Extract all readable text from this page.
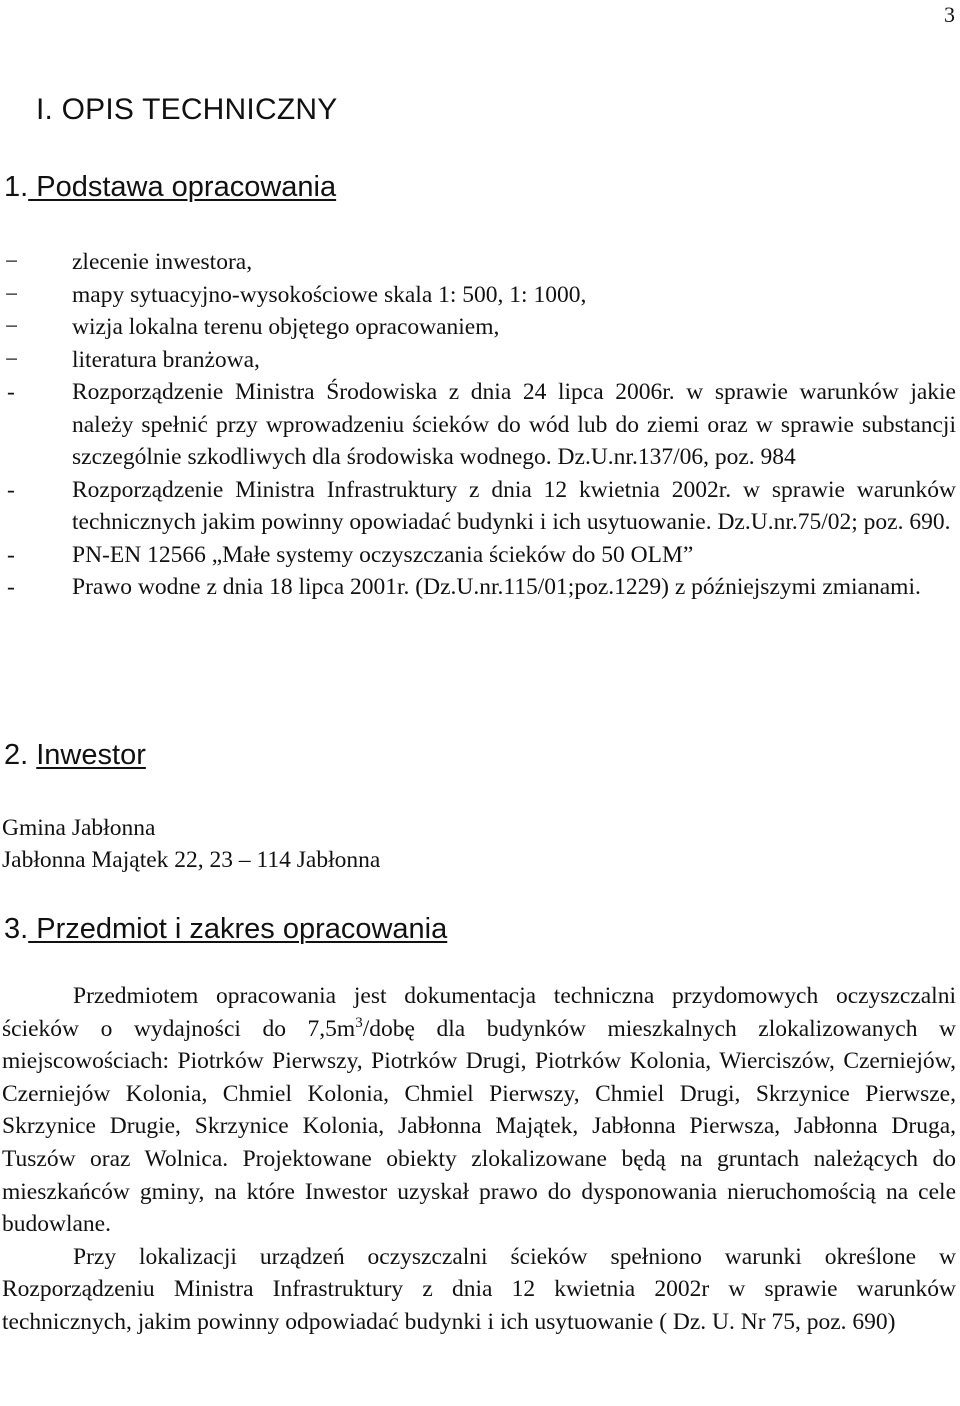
3
I. OPIS TECHNICZNY
1. Podstawa opracowania
− zlecenie inwestora,
− mapy sytuacyjno-wysokościowe skala 1: 500, 1: 1000,
− wizja lokalna terenu objętego opracowaniem,
− literatura branżowa,
- Rozporządzenie Ministra Środowiska z dnia 24 lipca 2006r. w sprawie warunków jakie należy spełnić przy wprowadzeniu ścieków do wód lub do ziemi oraz w sprawie substancji szczególnie szkodliwych dla środowiska wodnego. Dz.U.nr.137/06, poz. 984
- Rozporządzenie Ministra Infrastruktury z dnia 12 kwietnia 2002r. w sprawie warunków technicznych jakim powinny opowiadać budynki i ich usytuowanie. Dz.U.nr.75/02; poz. 690.
- PN-EN 12566 „Małe systemy oczyszczania ścieków do 50 OLM”
- Prawo wodne z dnia 18 lipca 2001r. (Dz.U.nr.115/01;poz.1229) z późniejszymi zmianami.
2. Inwestor
Gmina Jabłonna
Jabłonna Majątek 22, 23 – 114 Jabłonna
3. Przedmiot i zakres opracowania

Przedmiotem opracowania jest dokumentacja techniczna przydomowych oczyszczalni ścieków o wydajności do $7,5m^3$/dobę dla budynków mieszkalnych zlokalizowanych w miejscowościach: Piotrków Pierwszy, Piotrków Drugi, Piotrków Kolonia, Wierciszów, Czerniejów, Czerniejów Kolonia, Chmiel Kolonia, Chmiel Pierwszy, Chmiel Drugi, Skrzynice Pierwsze, Skrzynice Drugie, Skrzynice Kolonia, Jabłonna Majątek, Jabłonna Pierwsza, Jabłonna Druga, Tuszów oraz Wolnica. Projektowane obiekty zlokalizowane będą na gruntach należących do mieszkańców gminy, na które Inwestor uzyskał prawo do dysponowania nieruchomością na cele budowlane.

Przy lokalizacji urządzeń oczyszczalni ścieków spełniono warunki określone w Rozporządzeniu Ministra Infrastruktury z dnia 12 kwietnia 2002r w sprawie warunków technicznych, jakim powinny odpowiadać budynki i ich usytuowanie ( Dz. U. Nr 75, poz. 690)
